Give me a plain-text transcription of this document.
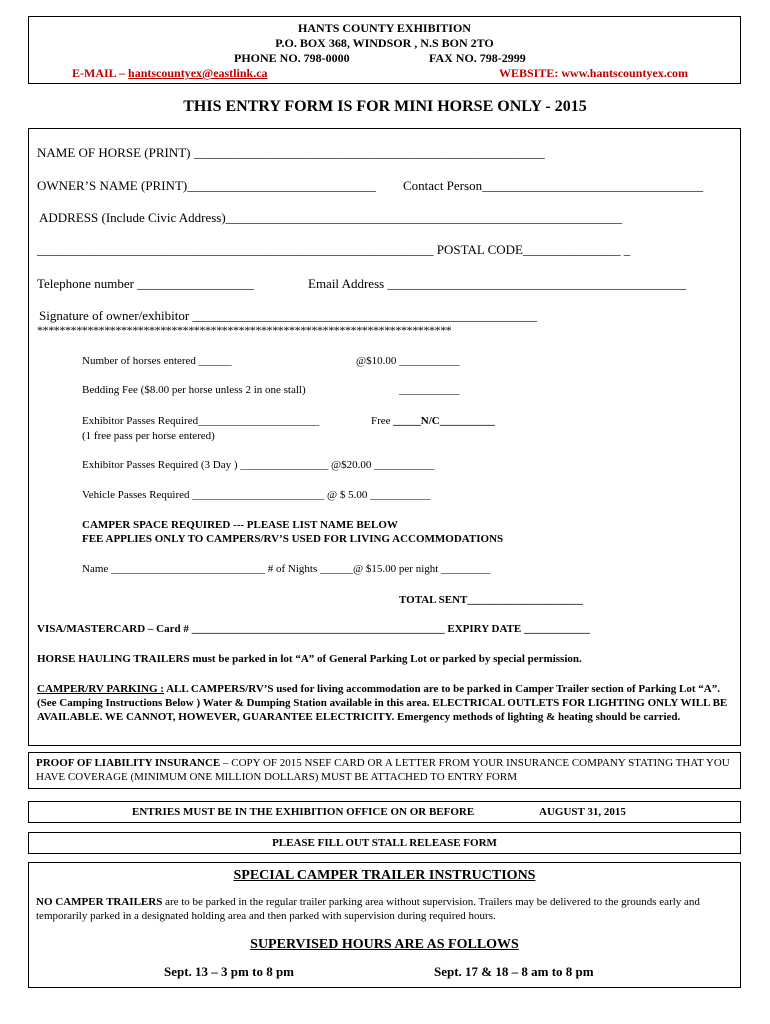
HANTS COUNTY EXHIBITION
P.O. BOX 368, WINDSOR , N.S BON 2TO
PHONE NO. 798-0000	FAX NO. 798-2999
E-MAIL – hantscountyex@eastlink.ca	WEBSITE: www.hantscountyex.com
THIS ENTRY FORM IS FOR MINI HORSE ONLY - 2015
NAME OF HORSE (PRINT) ______________________________________________________
OWNER’S NAME (PRINT)_____________________________ Contact Person__________________________________
ADDRESS (Include Civic Address)_____________________________________________________________
_____________________________________________________________ POSTAL CODE_______________ _
Telephone number __________________	Email Address ______________________________________________
Signature of owner/exhibitor _____________________________________________________
**************************************************************************
Number of horses entered ______	@$10.00 ___________
Bedding Fee ($8.00 per horse unless 2 in one stall)	___________
Exhibitor Passes Required______________________	Free _____N/C__________
(1 free pass per horse entered)
Exhibitor Passes Required (3 Day ) ________________ @$20.00 ___________
Vehicle Passes Required ________________________ @ $ 5.00 ___________
CAMPER SPACE REQUIRED --- PLEASE LIST NAME BELOW
FEE APPLIES ONLY TO CAMPERS/RV’S USED FOR LIVING ACCOMMODATIONS
Name ____________________________ # of Nights ______@ $15.00 per night _________
TOTAL SENT_____________________
VISA/MASTERCARD – Card # ______________________________________________ EXPIRY DATE ____________
HORSE HAULING TRAILERS must be parked in lot “A” of General Parking Lot or parked by special permission.
CAMPER/RV PARKING : ALL CAMPERS/RV’S used for living accommodation are to be parked in Camper Trailer section of Parking Lot “A”. (See Camping Instructions Below ) Water & Dumping Station available in this area. ELECTRICAL OUTLETS FOR LIGHTING ONLY WILL BE AVAILABLE. WE CANNOT, HOWEVER, GUARANTEE ELECTRICITY. Emergency methods of lighting & heating should be carried.
PROOF OF LIABILITY INSURANCE – COPY OF 2015 NSEF CARD OR A LETTER FROM YOUR INSURANCE COMPANY STATING THAT YOU HAVE COVERAGE (MINIMUM ONE MILLION DOLLARS) MUST BE ATTACHED TO ENTRY FORM
ENTRIES MUST BE IN THE EXHIBITION OFFICE ON OR BEFORE	AUGUST 31, 2015
PLEASE FILL OUT STALL RELEASE FORM
SPECIAL CAMPER TRAILER INSTRUCTIONS
NO CAMPER TRAILERS are to be parked in the regular trailer parking area without supervision. Trailers may be delivered to the grounds early and temporarily parked in a designated holding area and then parked with supervision during required hours.
SUPERVISED HOURS ARE AS FOLLOWS
Sept. 13 – 3 pm to 8 pm	Sept. 17 & 18 – 8 am to 8 pm
